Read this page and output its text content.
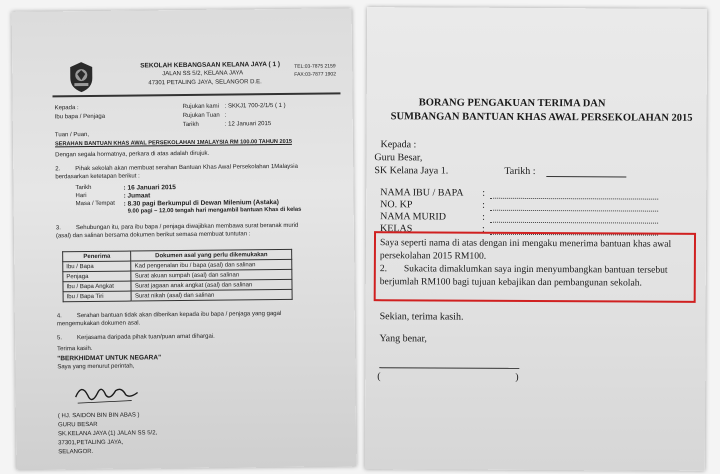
SEKOLAH KEBANGSAAN KELANA JAYA ( 1 )
JALAN SS 5/2, KELANA JAYA
47301 PETALING JAYA, SELANGOR D.E.
TEL:03-7875 2159
FAX:03-7877 1902
Kepada :
Ibu bapa / Penjaga
Rujukan kami : SKKJ1 700-2/1/5 ( 1 )
Rujukan Tuan :
Tarikh	: 12 Januari 2015
Tuan / Puan,
SERAHAN BANTUAN KHAS AWAL PERSEKOLAHAN 1MALAYSIA RM 100.00 TAHUN 2015
Dengan segala hormatnya, perkara di atas adalah dirujuk.
2. Pihak sekolah akan membuat serahan Bantuan Khas Awal Persekolahan 1Malaysia
berdasarkan ketetapan berikut :
Tarikh	: 16 Januari 2015
Hari	: Jumaat
Masa / Tempat : 8.30 pagi Berkumpul di Dewan Milenium (Astaka)
9.00 pagi – 12.00 tengah hari mengambil bantuan Khas di kelas
3. Sehubungan itu, para ibu bapa / penjaga diwajibkan membawa surat beranak murid
(asal) dan salinan bersama dokumen berikut semasa membuat tuntutan :
Penerima	Dokumen asal yang perlu dikemukakan
Ibu / Bapa	Kad pengenalan ibu / bapa (asal) dan salinan
Penjaga	Surat akuan sumpah (asal) dan salinan
Ibu / Bapa Angkat	Surat jagaan anak angkat (asal) dan salinan
Ibu / Bapa Tiri	Surat nikah (asal) dan salinan
4. Serahan bantuan tidak akan diberikan kepada ibu bapa / penjaga yang gagal
mengemukakan dokumen asal.
5. Kerjasama daripada pihak tuan/puan amat dihargai.
Terima kasih.
"BERKHIDMAT UNTUK NEGARA"
Saya yang menurut perintah,
( HJ. SAIDON BIN BIN ABAS )
GURU BESAR
SK.KELANA JAYA (1) JALAN SS 5/2,
37301,PETALING JAYA,
SELANGOR.
BORANG PENGAKUAN TERIMA DAN
SUMBANGAN BANTUAN KHAS AWAL PERSEKOLAHAN 2015
Kepada :
Guru Besar,
SK Kelana Jaya 1.	Tarikh :
NAMA IBU / BAPA :
NO. KP	:
NAMA MURID	:
KELAS	:
Saya seperti nama di atas dengan ini mengaku menerima bantuan khas awal
persekolahan 2015 RM100.
2. Sukacita dimaklumkan saya ingin menyumbangkan bantuan tersebut
berjumlah RM100 bagi tujuan kebajikan dan pembangunan sekolah.
Sekian, terima kasih.
Yang benar,
(	)
